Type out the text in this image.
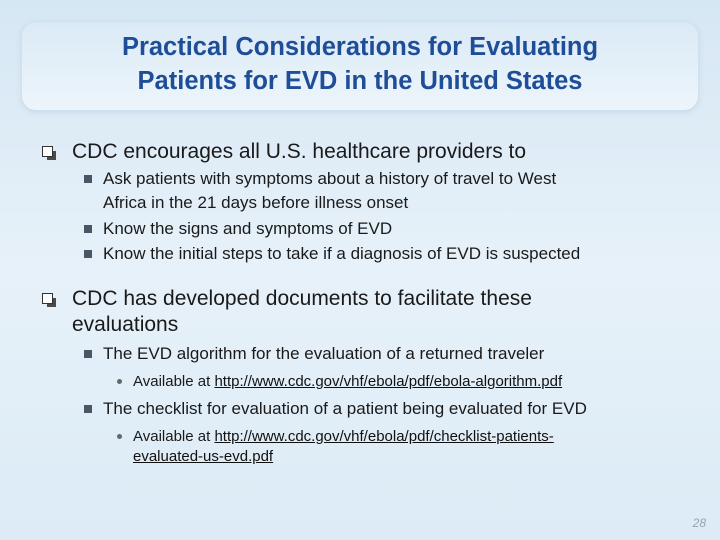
Practical Considerations for Evaluating
Patients for EVD in the United States
CDC encourages all U.S. healthcare providers to
Ask patients with symptoms about a history of travel to West
Africa in the 21 days before illness onset
Know the signs and symptoms of EVD
Know the initial steps to take if a diagnosis of EVD is suspected
CDC has developed documents to facilitate these
evaluations
The EVD algorithm for the evaluation of a returned traveler
Available at http://www.cdc.gov/vhf/ebola/pdf/ebola-algorithm.pdf
The checklist for evaluation of a patient being evaluated for EVD
Available at http://www.cdc.gov/vhf/ebola/pdf/checklist-patients-
evaluated-us-evd.pdf
28
